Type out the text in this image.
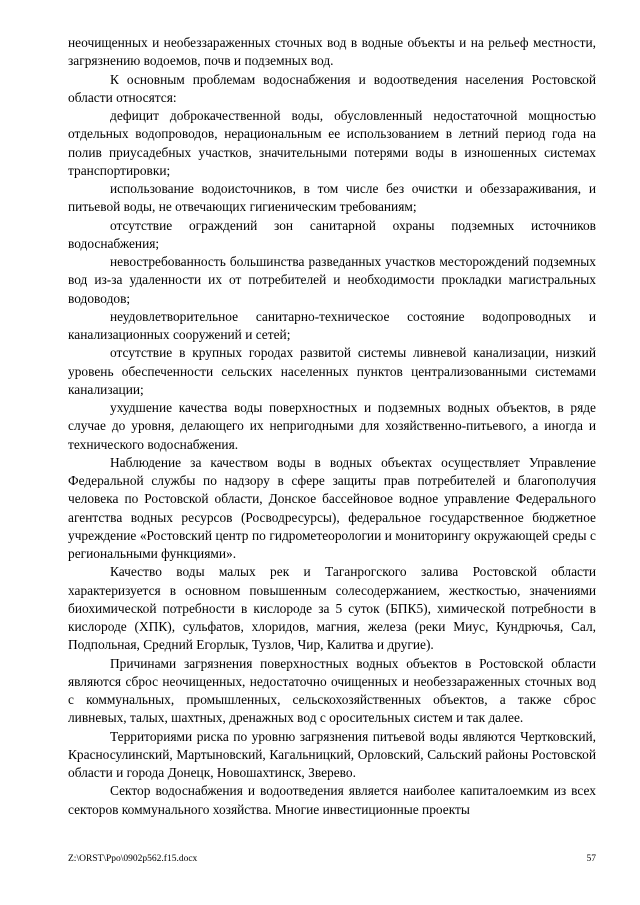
неочищенных и необеззараженных сточных вод в водные объекты и на рельеф местности, загрязнению водоемов, почв и подземных вод.

К основным проблемам водоснабжения и водоотведения населения Ростовской области относятся:

дефицит доброкачественной воды, обусловленный недостаточной мощностью отдельных водопроводов, нерациональным ее использованием в летний период года на полив приусадебных участков, значительными потерями воды в изношенных системах транспортировки;

использование водоисточников, в том числе без очистки и обеззараживания, и питьевой воды, не отвечающих гигиеническим требованиям;

отсутствие ограждений зон санитарной охраны подземных источников водоснабжения;

невостребованность большинства разведанных участков месторождений подземных вод из-за удаленности их от потребителей и необходимости прокладки магистральных водоводов;

неудовлетворительное санитарно-техническое состояние водопроводных и канализационных сооружений и сетей;

отсутствие в крупных городах развитой системы ливневой канализации, низкий уровень обеспеченности сельских населенных пунктов централизованными системами канализации;

ухудшение качества воды поверхностных и подземных водных объектов, в ряде случае до уровня, делающего их непригодными для хозяйственно-питьевого, а иногда и технического водоснабжения.

Наблюдение за качеством воды в водных объектах осуществляет Управление Федеральной службы по надзору в сфере защиты прав потребителей и благополучия человека по Ростовской области, Донское бассейновое водное управление Федерального агентства водных ресурсов (Росводресурсы), федеральное государственное бюджетное учреждение «Ростовский центр по гидрометеорологии и мониторингу окружающей среды с региональными функциями».

Качество воды малых рек и Таганрогского залива Ростовской области характеризуется в основном повышенным солесодержанием, жесткостью, значениями биохимической потребности в кислороде за 5 суток (БПК5), химической потребности в кислороде (ХПК), сульфатов, хлоридов, магния, железа (реки Миус, Кундрючья, Сал, Подпольная, Средний Егорлык, Тузлов, Чир, Калитва и другие).

Причинами загрязнения поверхностных водных объектов в Ростовской области являются сброс неочищенных, недостаточно очищенных и необеззараженных сточных вод с коммунальных, промышленных, сельскохозяйственных объектов, а также сброс ливневых, талых, шахтных, дренажных вод с оросительных систем и так далее.

Территориями риска по уровню загрязнения питьевой воды являются Чертковский, Красносулинский, Мартыновский, Кагальницкий, Орловский, Сальский районы Ростовской области и города Донецк, Новошахтинск, Зверево.

Сектор водоснабжения и водоотведения является наиболее капиталоемким из всех секторов коммунального хозяйства. Многие инвестиционные проекты

Z:\ORST\Ppo\0902p562.f15.docx	57
